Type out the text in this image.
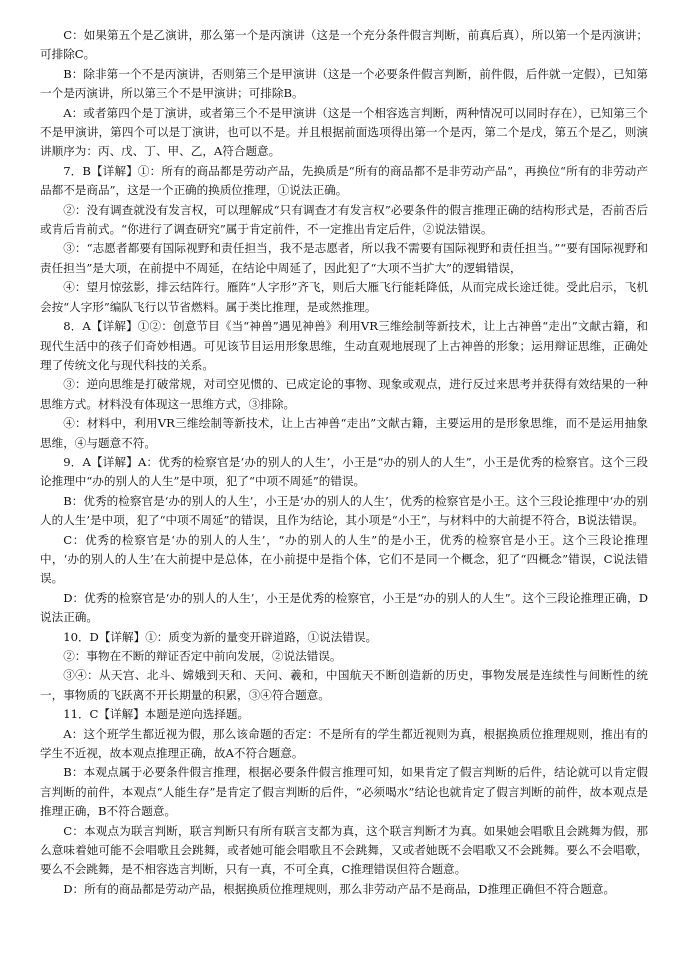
C：如果第五个是乙演讲，那么第一个是丙演讲（这是一个充分条件假言判断，前真后真），所以第一个是丙演讲；可排除C。

B：除非第一个不是丙演讲，否则第三个是甲演讲（这是一个必要条件假言判断，前件假，后件就一定假），已知第一个是丙演讲，所以第三个不是甲演讲；可排除B。

A：或者第四个是丁演讲，或者第三个不是甲演讲（这是一个相容选言判断，两种情况可以同时存在），已知第三个不是甲演讲，第四个可以是丁演讲，也可以不是。并且根据前面选项得出第一个是丙，第二个是戊，第五个是乙，则演讲顺序为：丙、戊、丁、甲、乙，A符合题意。

7．B【详解】①：所有的商品都是劳动产品，先换质是“所有的商品都不是非劳动产品”，再换位“所有的非劳动产品都不是商品”，这是一个正确的换质位推理，①说法正确。

②：没有调查就没有发言权，可以理解成“只有调查才有发言权”必要条件的假言推理正确的结构形式是，否前否后或肯后肯前式。“你进行了调查研究”属于肯定前件，不一定推出肯定后件，②说法错误。

③：“志愿者都要有国际视野和责任担当，我不是志愿者，所以我不需要有国际视野和责任担当。”“要有国际视野和责任担当”是大项，在前提中不周延，在结论中周延了，因此犯了“大项不当扩大”的逻辑错误，

④：望月惊弦影，排云结阵行。雁阵“人字形”齐飞，则后大雁飞行能耗降低，从而完成长途迁徙。受此启示，飞机会按“人字形”编队飞行以节省燃料。属于类比推理，是或然推理。

8．A【详解】①②：创意节目《当“神兽”遇见神兽》利用VR三维绘制等新技术，让上古神兽“走出”文献古籍，和现代生活中的孩子们奇妙相遇。可见该节目运用形象思维，生动直观地展现了上古神兽的形象；运用辩证思维，正确处理了传统文化与现代科技的关系。

③：逆向思维是打破常规，对司空见惯的、已成定论的事物、现象或观点，进行反过来思考并获得有效结果的一种思维方式。材料没有体现这一思维方式，③排除。

④：材料中，利用VR三维绘制等新技术，让上古神兽“走出”文献古籍，主要运用的是形象思维，而不是运用抽象思维，④与题意不符。

9．A【详解】A：优秀的检察官是‘办的别人的人生’，小王是“办的别人的人生”，小王是优秀的检察官。这个三段论推理中“办的别人的人生”是中项，犯了“中项不周延”的错误。

B：优秀的检察官是‘办的别人的人生’，小王是‘办的别人的人生’，优秀的检察官是小王。这个三段论推理中‘办的别人的人生’是中项，犯了“中项不周延”的错误，且作为结论，其小项是“小王”，与材料中的大前提不符合，B说法错误。

C：优秀的检察官是‘办的别人的人生’，“办的别人的人生”的是小王，优秀的检察官是小王。这个三段论推理中，‘办的别人的人生’在大前提中是总体，在小前提中是指个体，它们不是同一个概念，犯了“四概念”错误，C说法错误。

D：优秀的检察官是‘办的别人的人生’，小王是优秀的检察官，小王是“办的别人的人生”。这个三段论推理正确，D说法正确。

10．D【详解】①：质变为新的量变开辟道路，①说法错误。

②：事物在不断的辩证否定中前向发展，②说法错误。

③④：从天宫、北斗、嫦娥到天和、天问、羲和，中国航天不断创造新的历史，事物发展是连续性与间断性的统一，事物质的飞跃离不开长期量的积累，③④符合题意。

11．C【详解】本题是逆向选择题。

A：这个班学生都近视为假，那么该命题的否定：不是所有的学生都近视则为真，根据换质位推理规则，推出有的学生不近视，故本观点推理正确，故A不符合题意。

B：本观点属于必要条件假言推理，根据必要条件假言推理可知，如果肯定了假言判断的后件，结论就可以肯定假言判断的前件，本观点“人能生存”是肯定了假言判断的后件，“必须喝水”结论也就肯定了假言判断的前件，故本观点是推理正确，B不符合题意。

C：本观点为联言判断，联言判断只有所有联言支都为真，这个联言判断才为真。如果她会唱歌且会跳舞为假，那么意味着她可能不会唱歌且会跳舞，或者她可能会唱歌且不会跳舞，又或者她既不会唱歌又不会跳舞。要么不会唱歌，要么不会跳舞，是不相容选言判断，只有一真，不可全真，C推理错误但符合题意。

D：所有的商品都是劳动产品，根据换质位推理规则，那么非劳动产品不是商品，D推理正确但不符合题意。
